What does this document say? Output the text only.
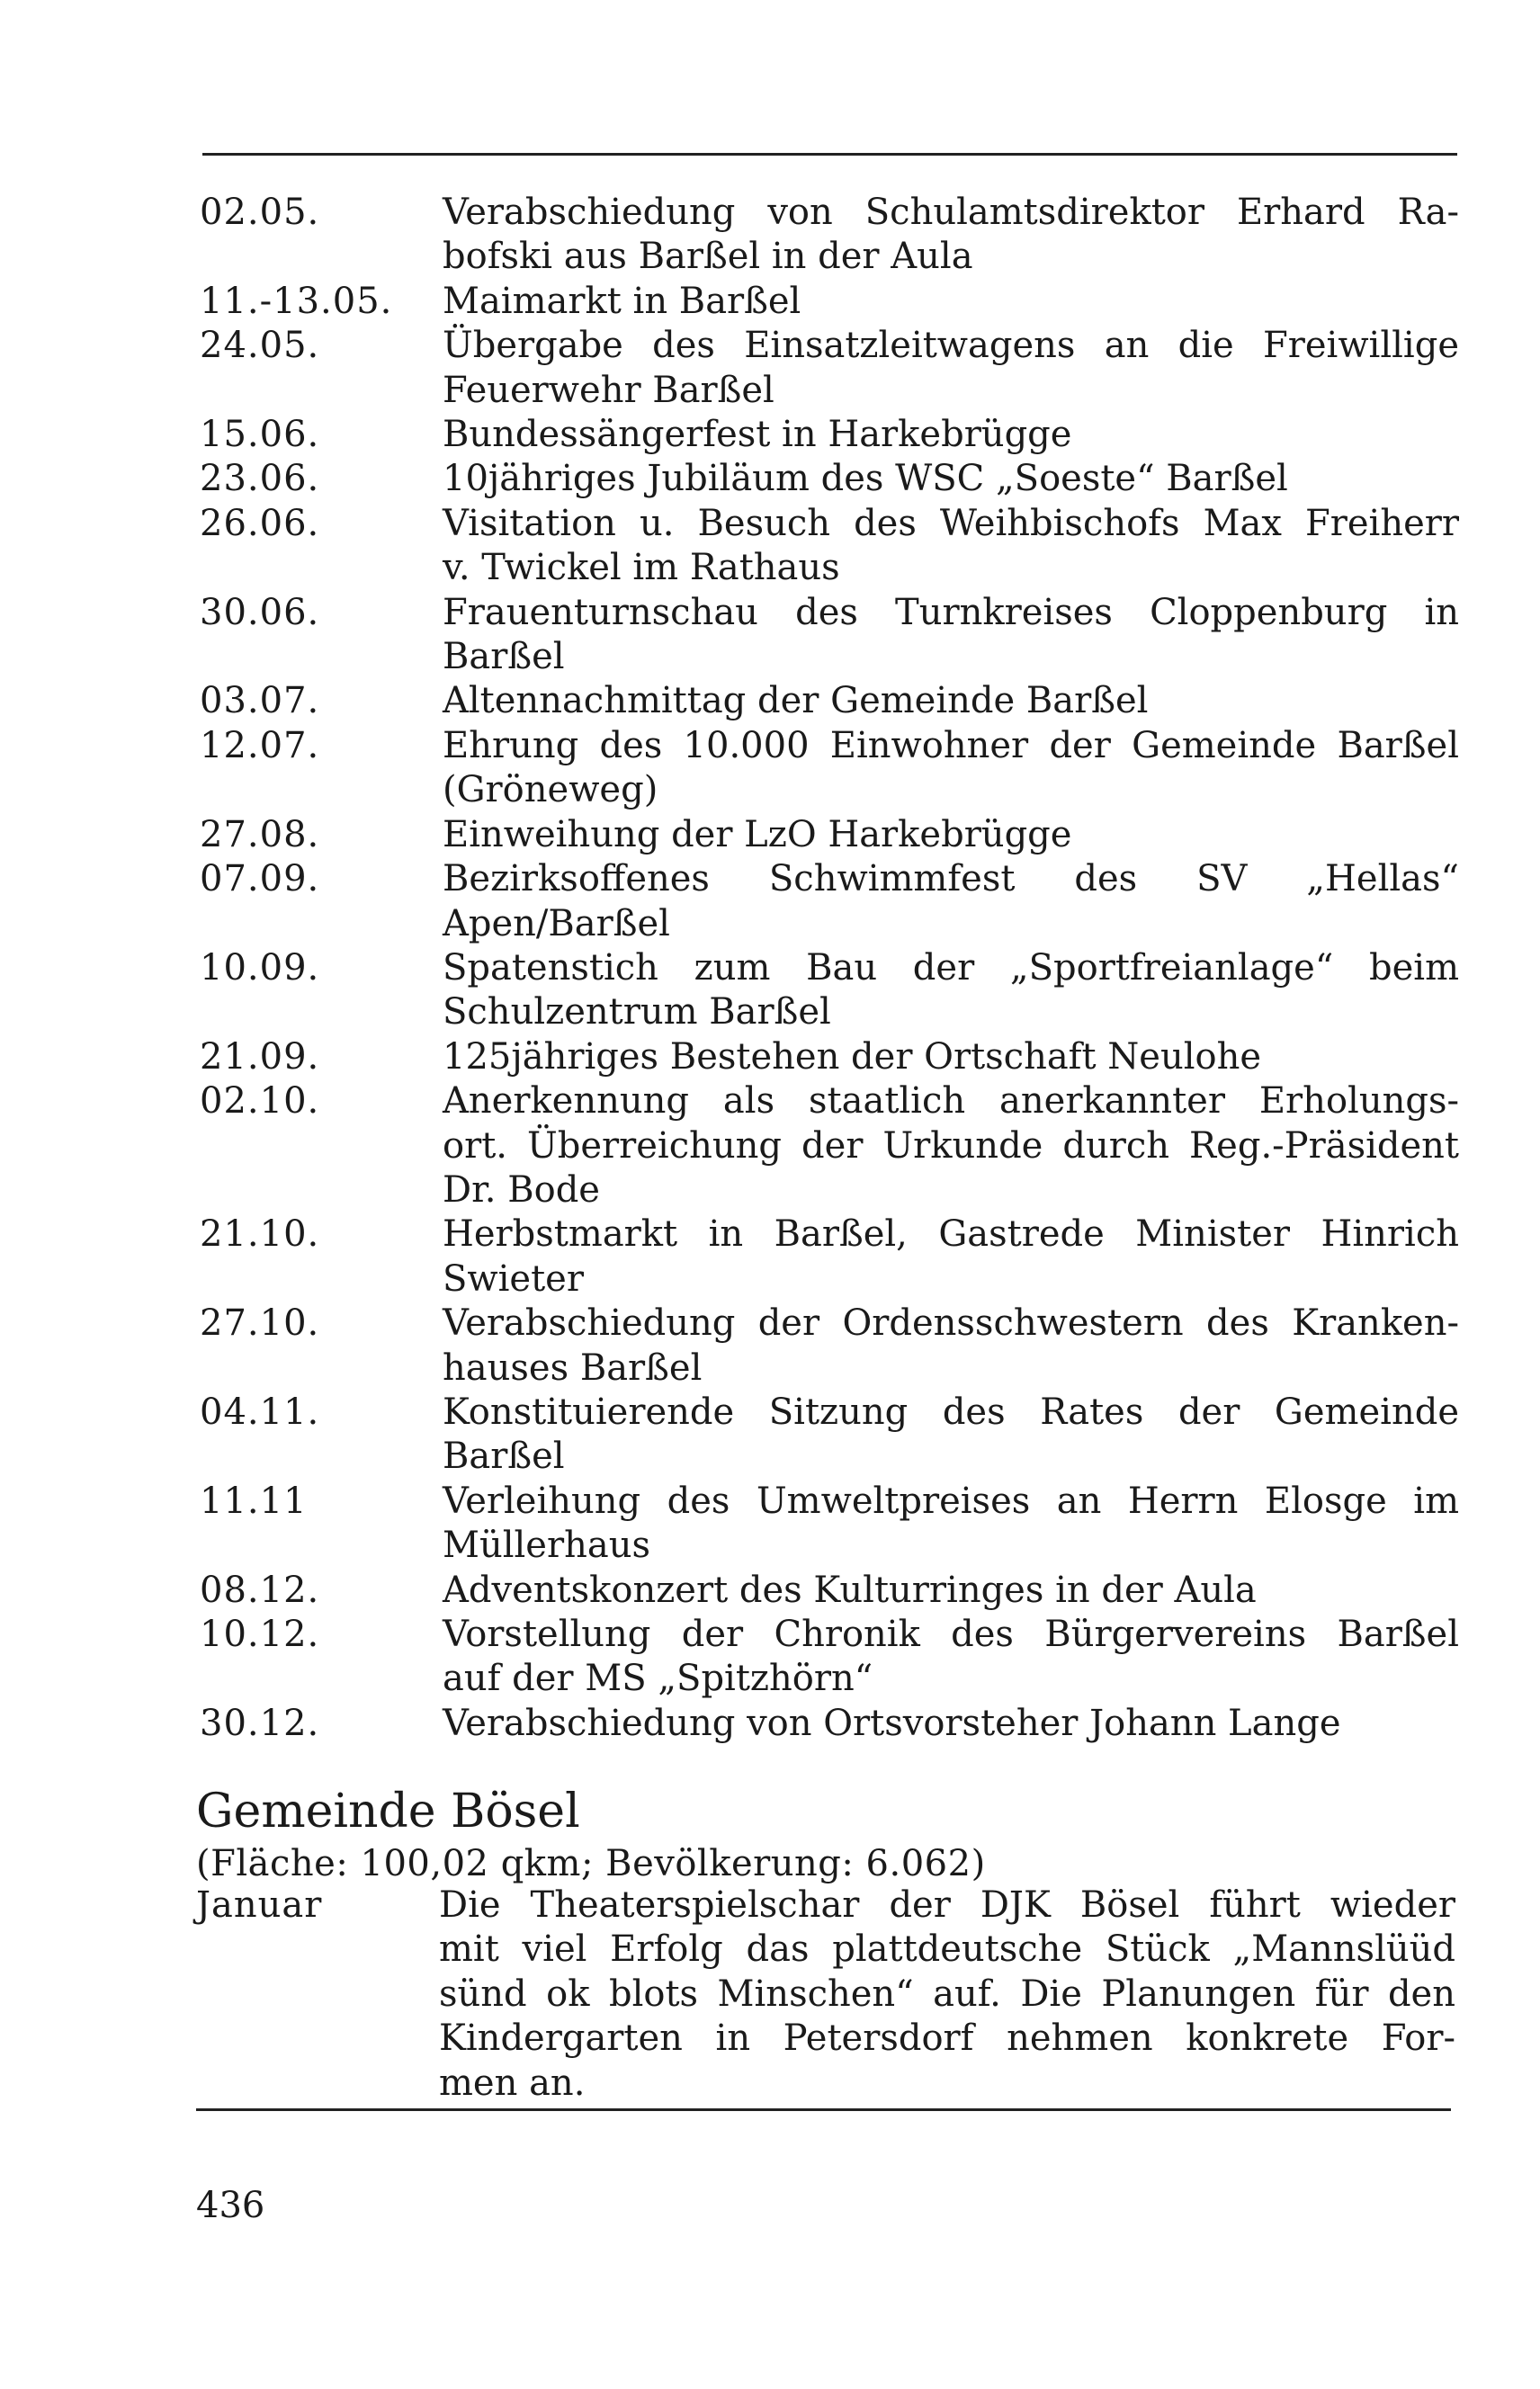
02.05.	Verabschiedung von Schulamtsdirektor Erhard Ra-
bofski aus Barßel in der Aula
11.-13.05.	Maimarkt in Barßel
24.05.	Übergabe des Einsatzleitwagens an die Freiwillige
Feuerwehr Barßel
15.06.	Bundessängerfest in Harkebrügge
23.06.	10jähriges Jubiläum des WSC „Soeste“ Barßel
26.06.	Visitation u. Besuch des Weihbischofs Max Freiherr
v. Twickel im Rathaus
30.06.	Frauenturnschau des Turnkreises Cloppenburg in
Barßel
03.07.	Altennachmittag der Gemeinde Barßel
12.07.	Ehrung des 10.000 Einwohner der Gemeinde Barßel
(Gröneweg)
27.08.	Einweihung der LzO Harkebrügge
07.09.	Bezirksoffenes Schwimmfest des SV „Hellas“
Apen/Barßel
10.09.	Spatenstich zum Bau der „Sportfreianlage“ beim
Schulzentrum Barßel
21.09.	125jähriges Bestehen der Ortschaft Neulohe
02.10.	Anerkennung als staatlich anerkannter Erholungs-
ort. Überreichung der Urkunde durch Reg.-Präsident
Dr. Bode
21.10.	Herbstmarkt in Barßel, Gastrede Minister Hinrich
Swieter
27.10.	Verabschiedung der Ordensschwestern des Kranken-
hauses Barßel
04.11.	Konstituierende Sitzung des Rates der Gemeinde
Barßel
11.11	Verleihung des Umweltpreises an Herrn Elosge im
Müllerhaus
08.12.	Adventskonzert des Kulturringes in der Aula
10.12.	Vorstellung der Chronik des Bürgervereins Barßel
auf der MS „Spitzhörn“
30.12.	Verabschiedung von Ortsvorsteher Johann Lange
Gemeinde Bösel
(Fläche: 100,02 qkm; Bevölkerung: 6.062)
Januar	Die Theaterspielschar der DJK Bösel führt wieder
mit viel Erfolg das plattdeutsche Stück „Mannslüüd
sünd ok blots Minschen“ auf. Die Planungen für den
Kindergarten in Petersdorf nehmen konkrete For-
men an.
436
